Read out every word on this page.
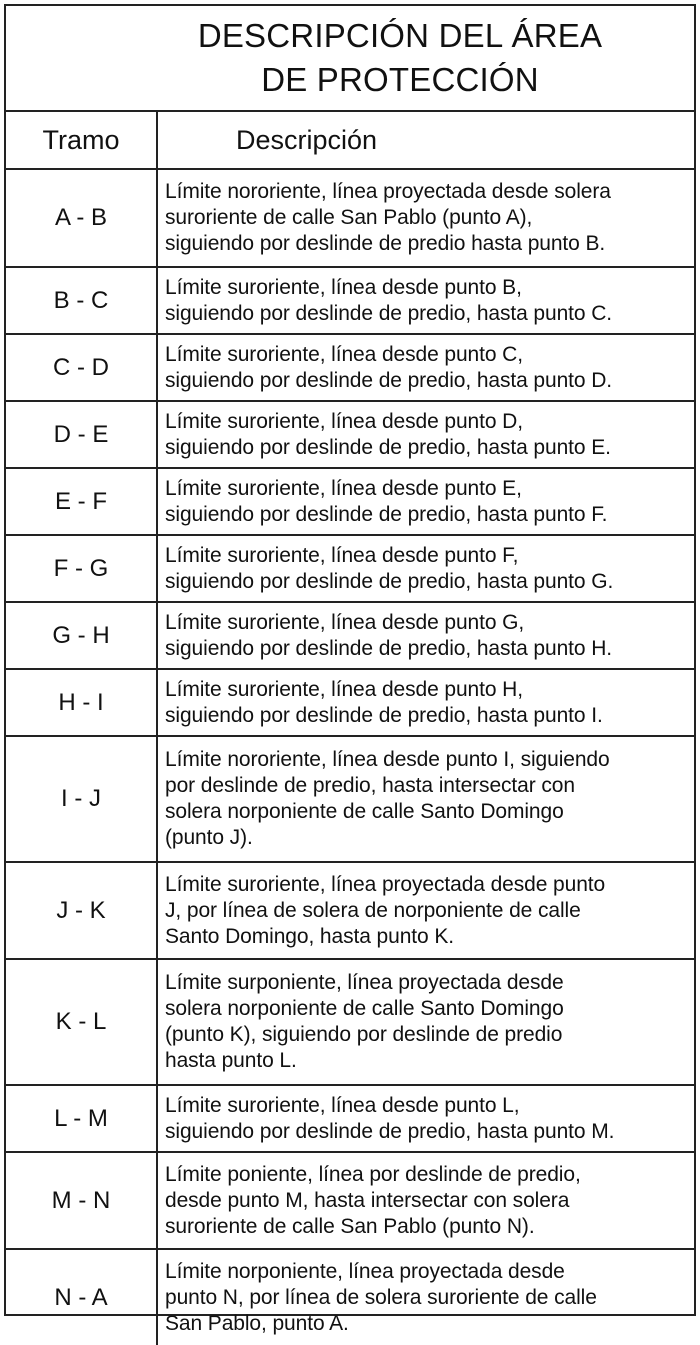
DESCRIPCIÓN DEL ÁREA
DE PROTECCIÓN
Tramo	Descripción
A - B	Límite nororiente, línea proyectada desde solera
suroriente de calle San Pablo (punto A),
siguiendo por deslinde de predio hasta punto B.
B - C	Límite suroriente, línea desde punto B,
siguiendo por deslinde de predio, hasta punto C.
C - D	Límite suroriente, línea desde punto C,
siguiendo por deslinde de predio, hasta punto D.
D - E	Límite suroriente, línea desde punto D,
siguiendo por deslinde de predio, hasta punto E.
E - F	Límite suroriente, línea desde punto E,
siguiendo por deslinde de predio, hasta punto F.
F - G	Límite suroriente, línea desde punto F,
siguiendo por deslinde de predio, hasta punto G.
G - H	Límite suroriente, línea desde punto G,
siguiendo por deslinde de predio, hasta punto H.
H - I	Límite suroriente, línea desde punto H,
siguiendo por deslinde de predio, hasta punto I.
I - J	Límite nororiente, línea desde punto I, siguiendo
por deslinde de predio, hasta intersectar con
solera norponiente de calle Santo Domingo
(punto J).
J - K	Límite suroriente, línea proyectada desde punto
J, por línea de solera de norponiente de calle
Santo Domingo, hasta punto K.
K - L	Límite surponiente, línea proyectada desde
solera norponiente de calle Santo Domingo
(punto K), siguiendo por deslinde de predio
hasta punto L.
L - M	Límite suroriente, línea desde punto L,
siguiendo por deslinde de predio, hasta punto M.
M - N	Límite poniente, línea por deslinde de predio,
desde punto M, hasta intersectar con solera
suroriente de calle San Pablo (punto N).
N - A	Límite norponiente, línea proyectada desde
punto N, por línea de solera suroriente de calle
San Pablo, punto A.
